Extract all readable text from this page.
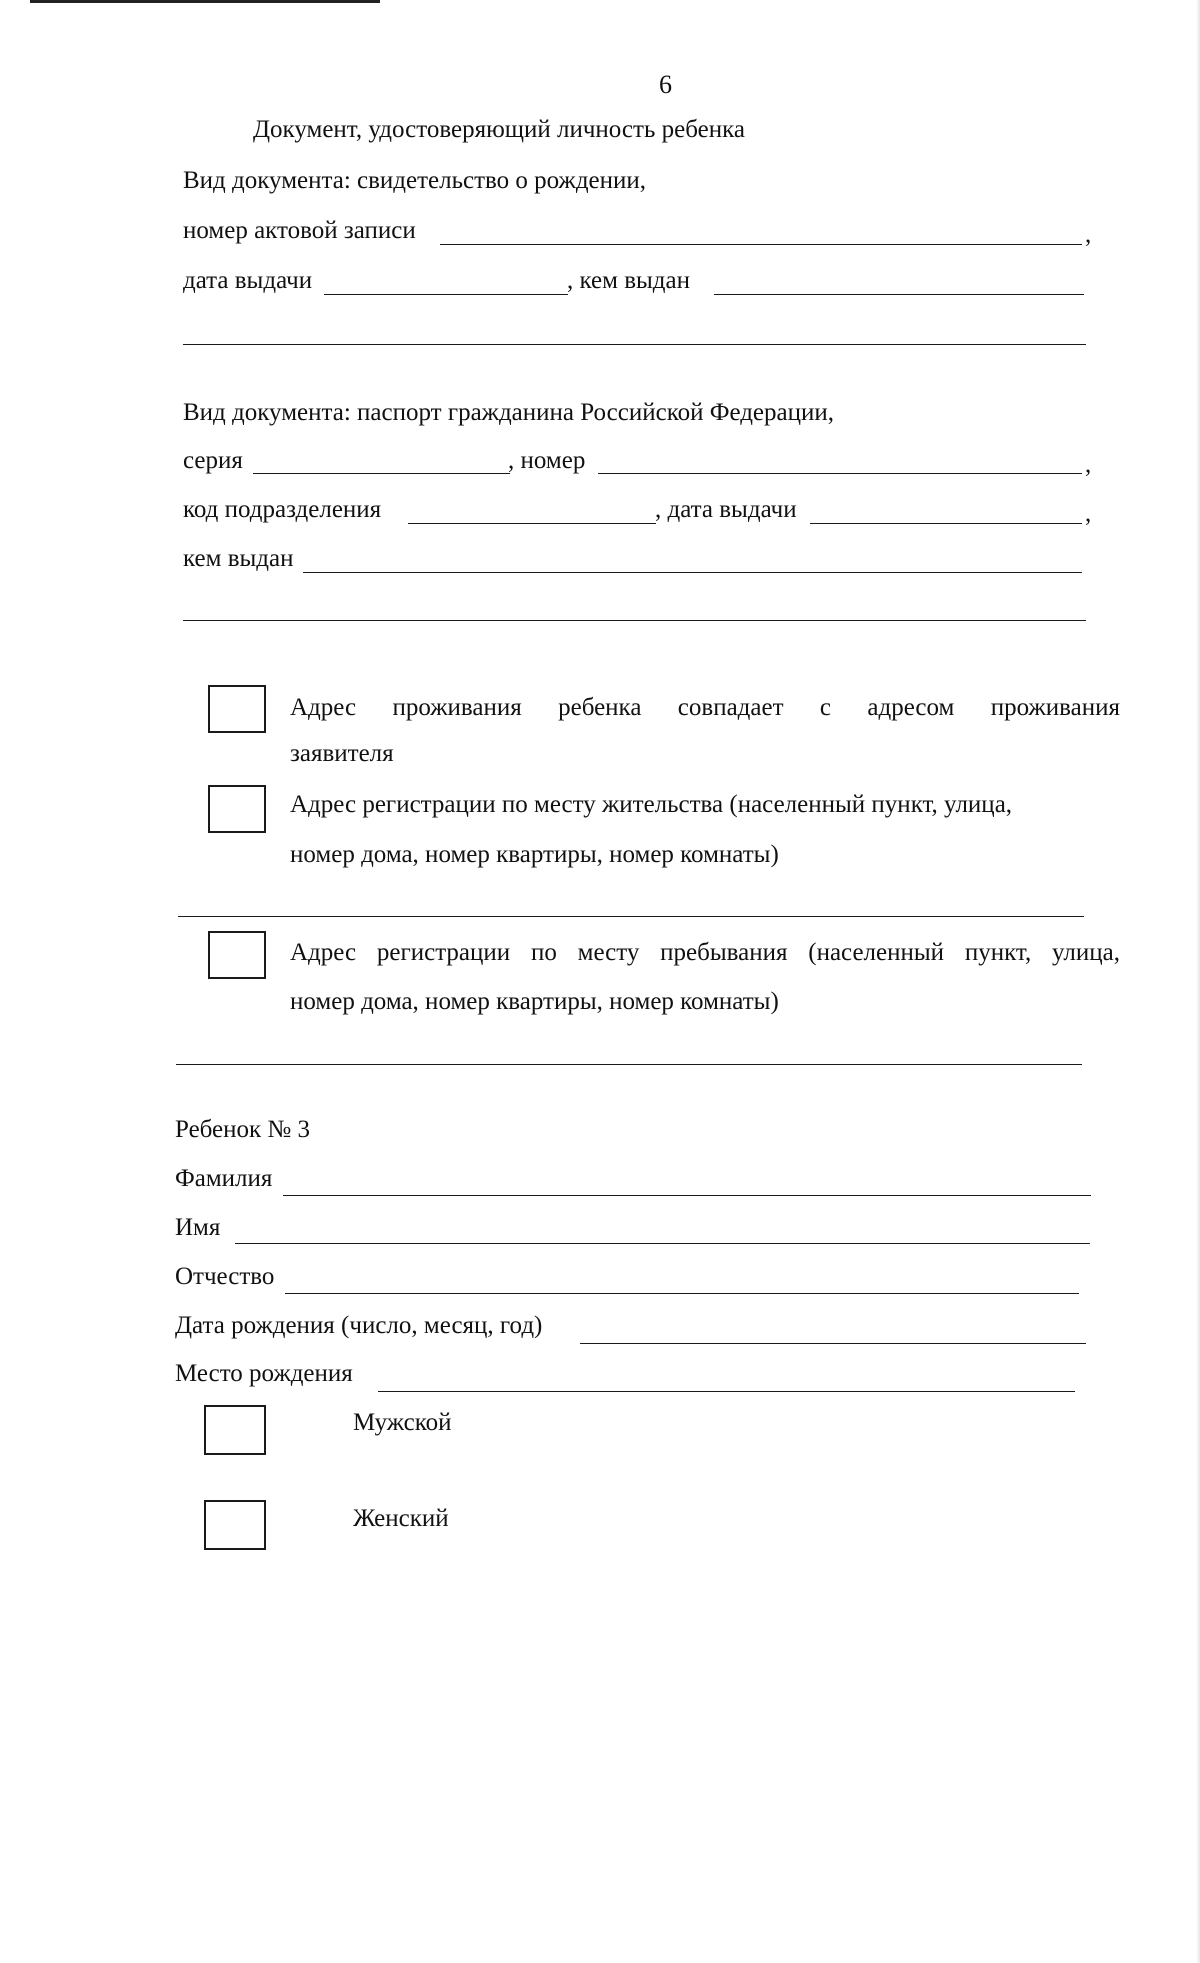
6
Документ, удостоверяющий личность ребенка
Вид документа: свидетельство о рождении,
номер актовой записи	,
дата выдачи	, кем выдан
Вид документа: паспорт гражданина Российской Федерации,
серия	, номер	,
код подразделения	, дата выдачи	,
кем выдан
Адрес проживания ребенка совпадает с адресом проживания
заявителя
Адрес регистрации по месту жительства (населенный пункт, улица,
номер дома, номер квартиры, номер комнаты)
Адрес регистрации по месту пребывания (населенный пункт, улица,
номер дома, номер квартиры, номер комнаты)
Ребенок № 3
Фамилия
Имя
Отчество
Дата рождения (число, месяц, год)
Место рождения
Мужской
Женский
